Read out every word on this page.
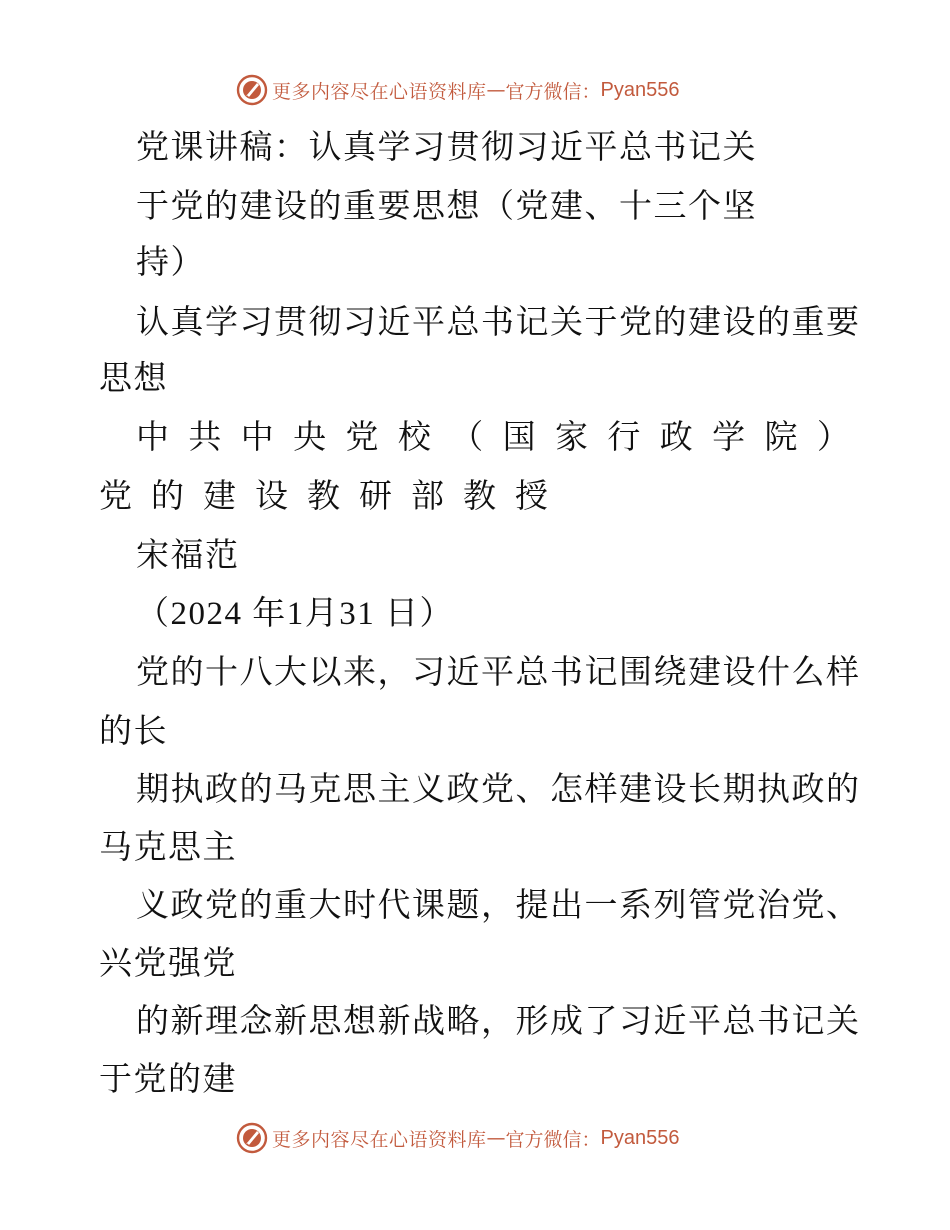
更多内容尽在心语资料库 — 官方微信： Pyan556
党课讲稿：认真学习贯彻习近平总书记关
于党的建设的重要思想（党建、十三个坚
持）
认真学习贯彻习近平总书记关于党的建设的重要
思想
中 共 中 央 党 校 （ 国 家 行 政 学 院 ）
党 的 建 设 教 研 部 教 授
宋福范
（2024 年1月31 日）
党的十八大以来，习近平总书记围绕建设什么样
的长
期执政的马克思主义政党、怎样建设长期执政的
马克思主
义政党的重大时代课题，提出一系列管党治党、
兴党强党
的新理念新思想新战略，形成了习近平总书记关
于党的建
更多内容尽在心语资料库 — 官方微信： Pyan556
